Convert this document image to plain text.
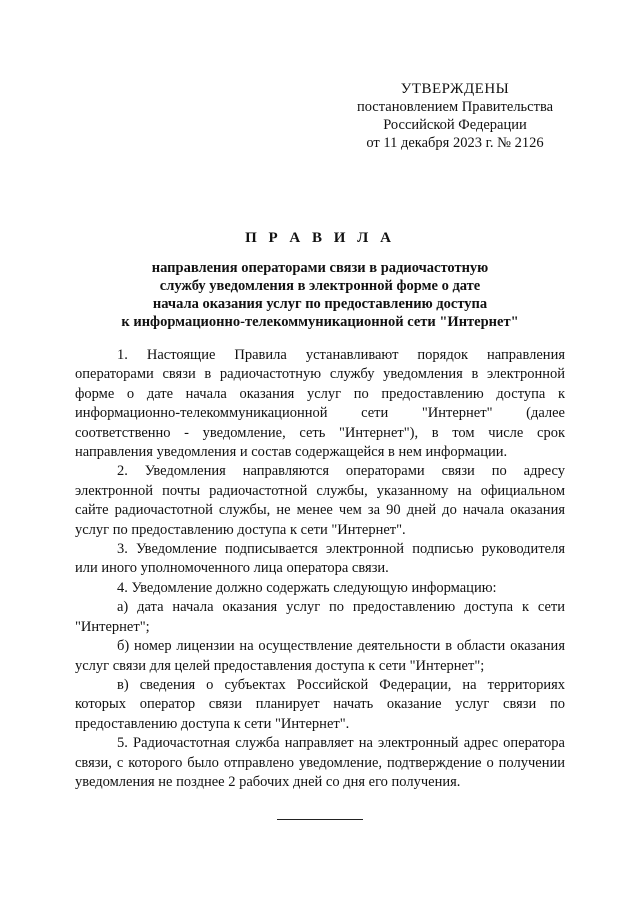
УТВЕРЖДЕНЫ
постановлением Правительства
Российской Федерации
от 11 декабря 2023 г. № 2126
П Р А В И Л А
направления операторами связи в радиочастотную
службу уведомления в электронной форме о дате
начала оказания услуг по предоставлению доступа
к информационно-телекоммуникационной сети "Интернет"

1. Настоящие Правила устанавливают порядок направления операторами связи в радиочастотную службу уведомления в электронной форме о дате начала оказания услуг по предоставлению доступа к информационно-телекоммуникационной сети "Интернет" (далее соответственно - уведомление, сеть "Интернет"), в том числе срок направления уведомления и состав содержащейся в нем информации.

2. Уведомления направляются операторами связи по адресу электронной почты радиочастотной службы, указанному на официальном сайте радиочастотной службы, не менее чем за 90 дней до начала оказания услуг по предоставлению доступа к сети "Интернет".

3. Уведомление подписывается электронной подписью руководителя или иного уполномоченного лица оператора связи.

4. Уведомление должно содержать следующую информацию:

а) дата начала оказания услуг по предоставлению доступа к сети "Интернет";

б) номер лицензии на осуществление деятельности в области оказания услуг связи для целей предоставления доступа к сети "Интернет";

в) сведения о субъектах Российской Федерации, на территориях которых оператор связи планирует начать оказание услуг связи по предоставлению доступа к сети "Интернет".

5. Радиочастотная служба направляет на электронный адрес оператора связи, с которого было отправлено уведомление, подтверждение о получении уведомления не позднее 2 рабочих дней со дня его получения.
